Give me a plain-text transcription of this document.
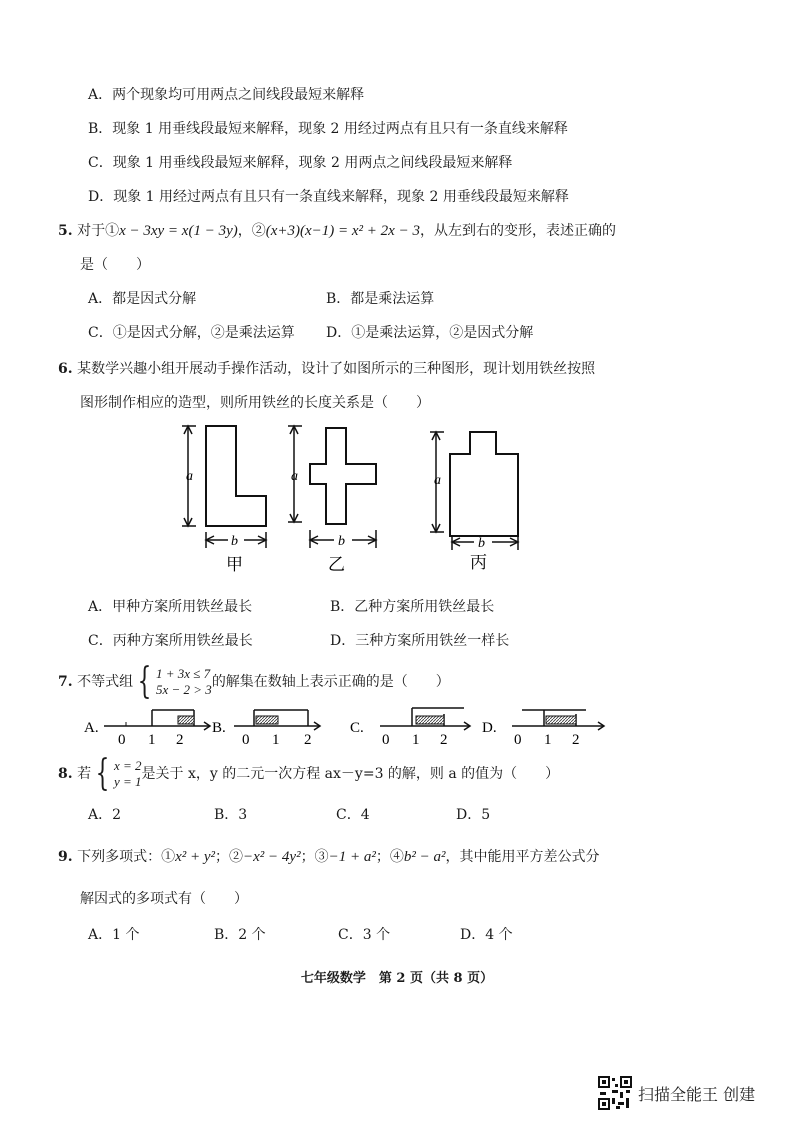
A．两个现象均可用两点之间线段最短来解释
B．现象 1 用垂线段最短来解释，现象 2 用经过两点有且只有一条直线来解释
C．现象 1 用垂线段最短来解释，现象 2 用两点之间线段最短来解释
D．现象 1 用经过两点有且只有一条直线来解释，现象 2 用垂线段最短来解释
5. 对于①x − 3xy = x(1 − 3y)，②(x+3)(x−1) = x² + 2x − 3，从左到右的变形，表述正确的
是（　　）
A．都是因式分解	B．都是乘法运算
C．①是因式分解，②是乘法运算 D．①是乘法运算，②是因式分解
6. 某数学兴趣小组开展动手操作活动，设计了如图所示的三种图形，现计划用铁丝按照
图形制作相应的造型，则所用铁丝的长度关系是（　　）
a
b
甲
a
b
乙
a
b
丙
A．甲种方案所用铁丝最长	B．乙种方案所用铁丝最长
C．丙种方案所用铁丝最长	D．三种方案所用铁丝一样长
7.
不等式组 { 1 + 3x ≤ 7
5x − 2 > 3 的解集在数轴上表示正确的是（　　）
A.
0 1 2
B.
0 1 2
C.
0 1 2
D.
0 1 2
8.
若 { x = 2
y = 1 是关于 x，y 的二元一次方程 ax－y=3 的解，则 a 的值为（　　）
A．2	B．3	C．4	D．5
9. 下列多项式：①x² + y²；②−x² − 4y²；③−1 + a²；④b² − a²，其中能用平方差公式分
解因式的多项式有（　　）
A．1 个	B．2 个	C．3 个	D．4 个
七年级数学　第 2 页（共 8 页）
扫描全能王 创建
